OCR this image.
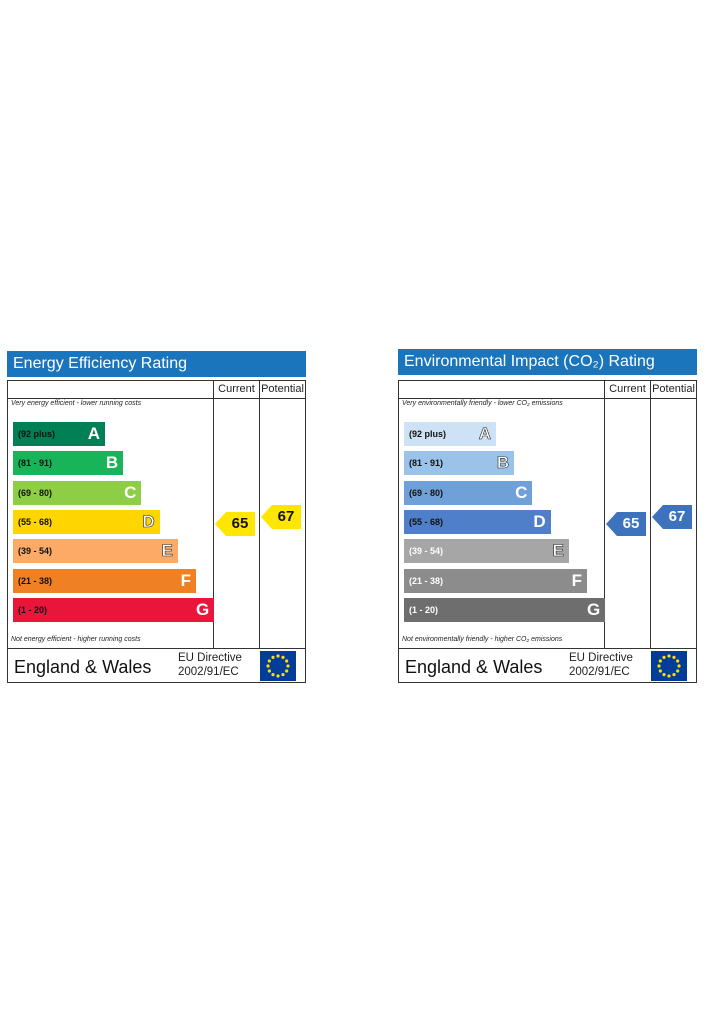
Energy Efficiency Rating
Current Potential
Very energy efficient - lower running costs
Not energy efficient - higher running costs
(92 plus) A
(81 - 91)	B
(69 - 80)	C
(55 - 68)	D
(39 - 54)	E
(21 - 38)	F
(1 - 20)	G
65	67
England & Wales EU Directive
2002/91/EC
Environmental Impact (CO₂) Rating
Current Potential
Very environmentally friendly - lower CO₂ emissions
Not environmentally friendly - higher CO₂ emissions
(92 plus) A
(81 - 91)	B
(69 - 80)	C
(55 - 68)	D
(39 - 54)	E
(21 - 38)	F
(1 - 20)	G
65	67
England & Wales EU Directive
2002/91/EC
